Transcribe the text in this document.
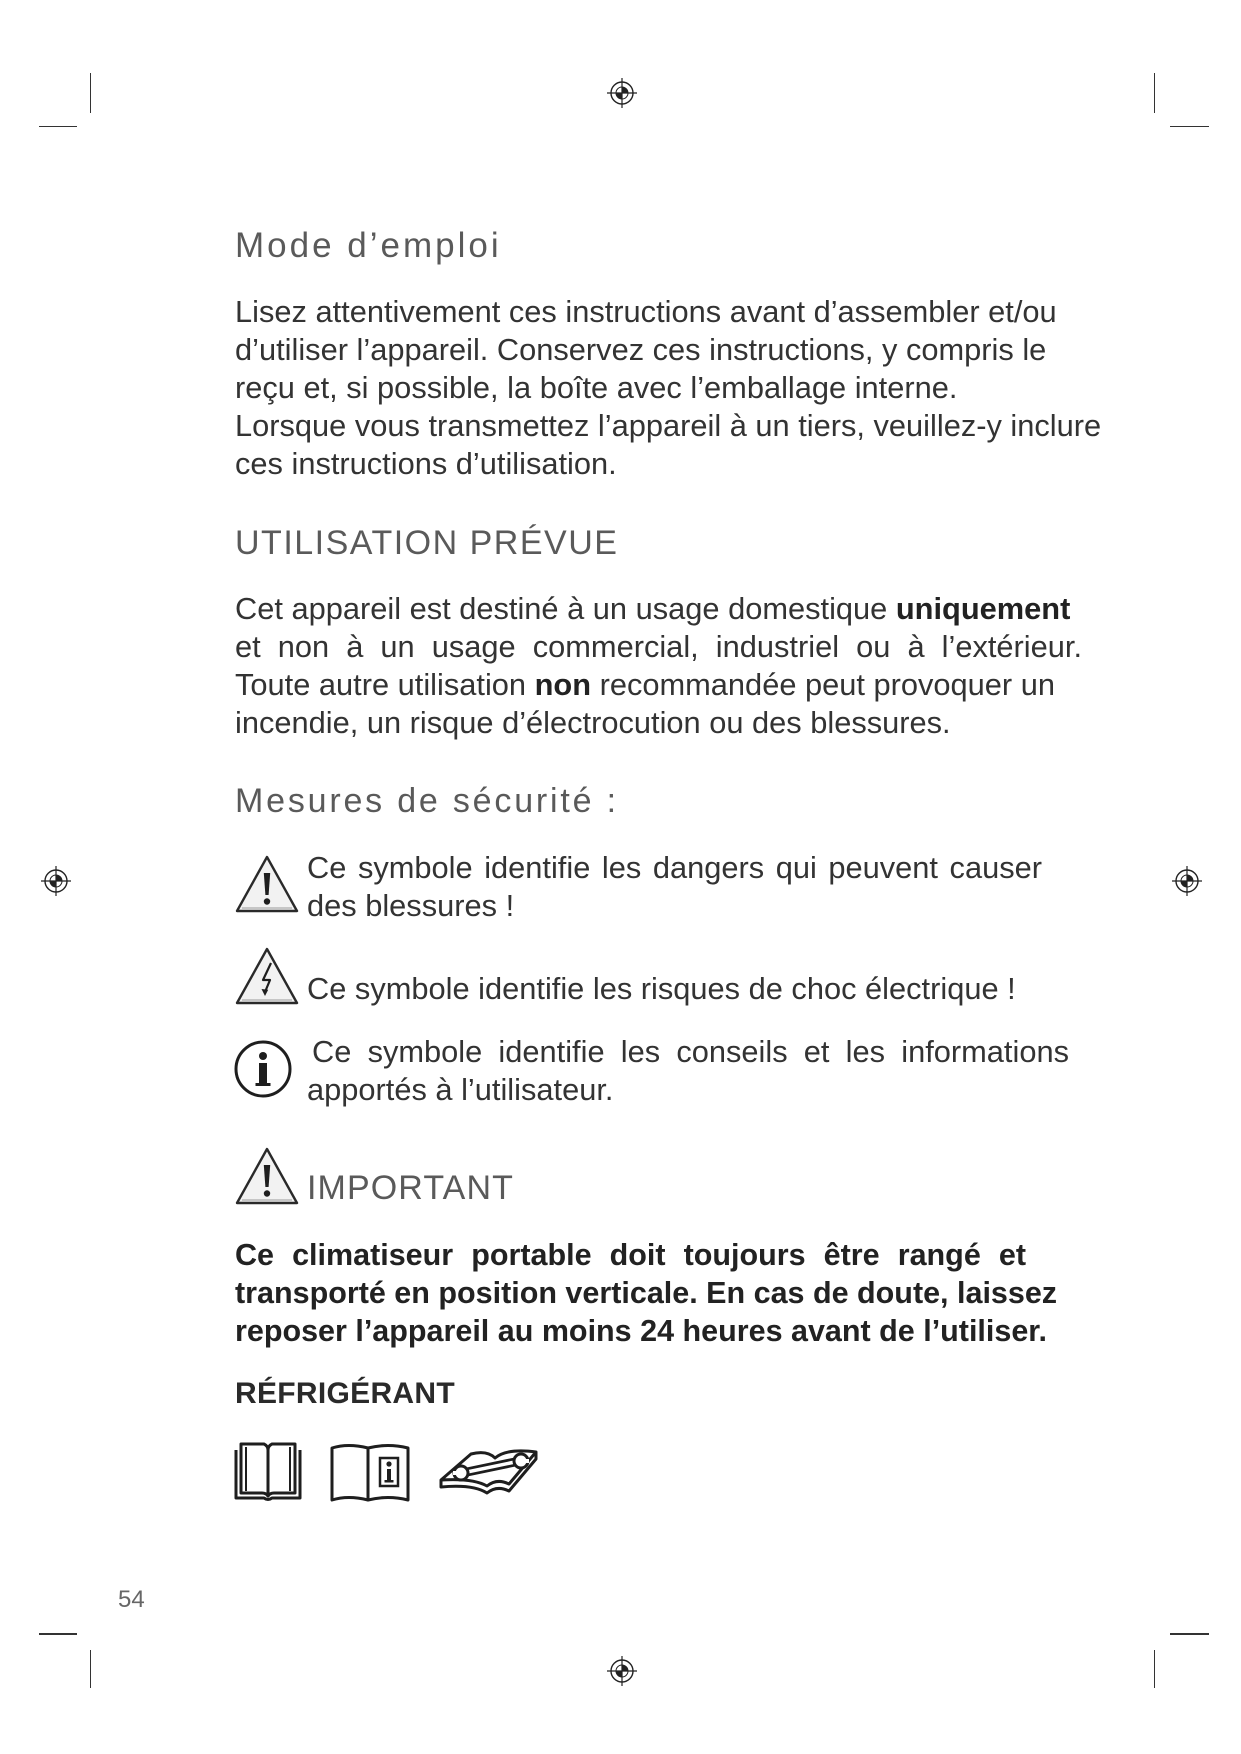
Mode d’emploi
Lisez attentivement ces instructions avant d’assembler et/ou
d’utiliser l’appareil. Conservez ces instructions, y compris le
reçu et, si possible, la boîte avec l’emballage interne.
Lorsque vous transmettez l’appareil à un tiers, veuillez-y inclure
ces instructions d’utilisation.
UTILISATION PRÉVUE
Cet appareil est destiné à un usage domestique uniquement
et non à un usage commercial, industriel ou à l’extérieur.
Toute autre utilisation non recommandée peut provoquer un
incendie, un risque d’électrocution ou des blessures.
Mesures de sécurité :
Ce symbole identifie les dangers qui peuvent causer
des blessures !
Ce symbole identifie les risques de choc électrique !
Ce symbole identifie les conseils et les informations
apportés à l’utilisateur.
IMPORTANT
Ce climatiseur portable doit toujours être rangé et
transporté en position verticale. En cas de doute, laissez
reposer l’appareil au moins 24 heures avant de l’utiliser.
RÉFRIGÉRANT
54
